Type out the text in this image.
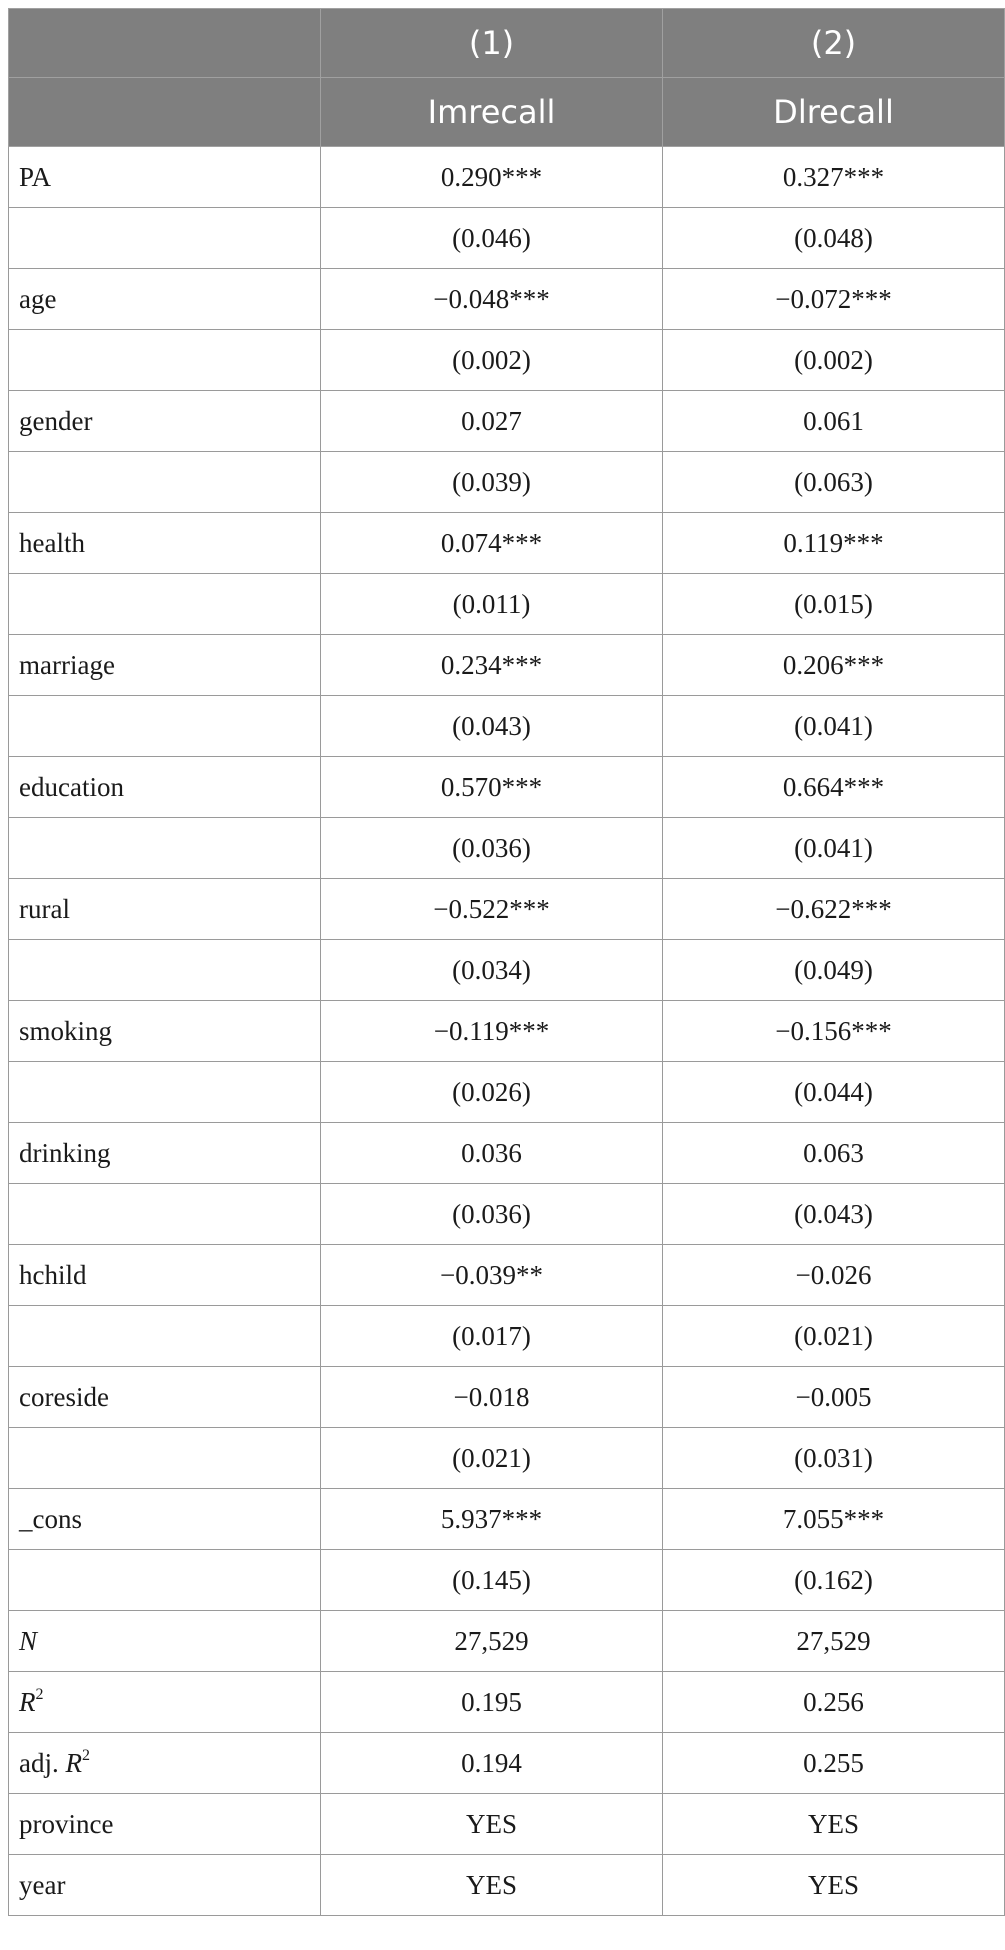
	(1)	(2)
	Imrecall	Dlrecall
PA	0.290***	0.327***
	(0.046)	(0.048)
age	−0.048***	−0.072***
	(0.002)	(0.002)
gender	0.027	0.061
	(0.039)	(0.063)
health	0.074***	0.119***
	(0.011)	(0.015)
marriage	0.234***	0.206***
	(0.043)	(0.041)
education	0.570***	0.664***
	(0.036)	(0.041)
rural	−0.522***	−0.622***
	(0.034)	(0.049)
smoking	−0.119***	−0.156***
	(0.026)	(0.044)
drinking	0.036	0.063
	(0.036)	(0.043)
hchild	−0.039**	−0.026
	(0.017)	(0.021)
coreside	−0.018	−0.005
	(0.021)	(0.031)
_cons	5.937***	7.055***
	(0.145)	(0.162)
N	27,529	27,529
$R^2$	0.195	0.256
adj. $R^2$	0.194	0.255
province	YES	YES
year	YES	YES
